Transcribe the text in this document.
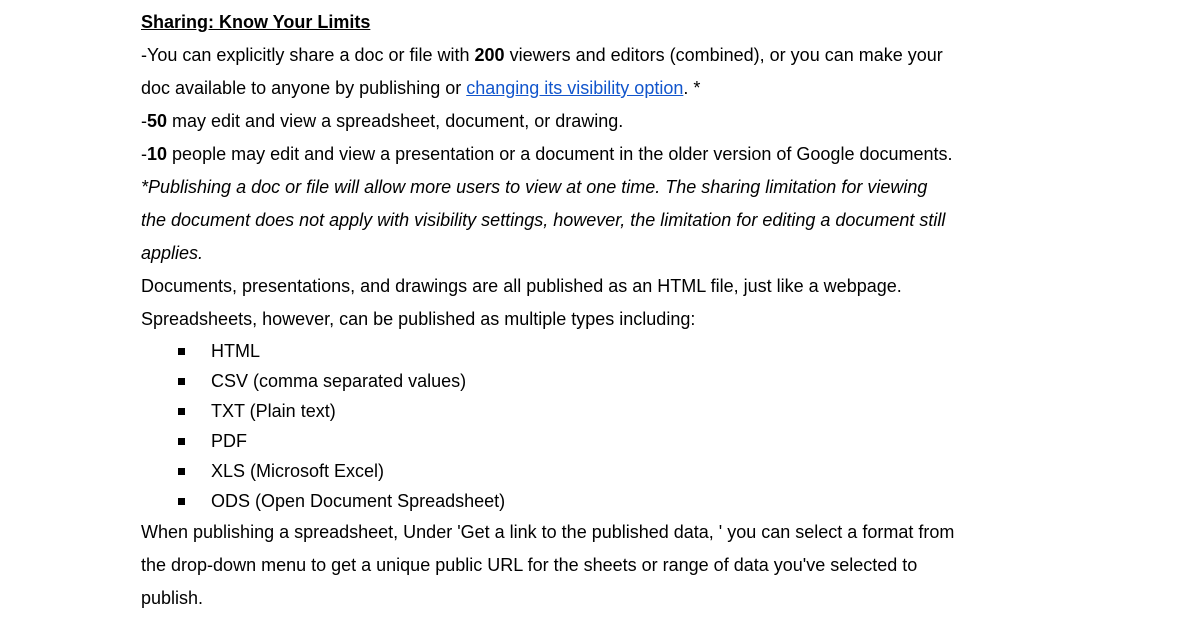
Sharing: Know Your Limits
-You can explicitly share a doc or file with 200 viewers and editors (combined), or you can make your
doc available to anyone by publishing or changing its visibility option. *
-50 may edit and view a spreadsheet, document, or drawing.
-10 people may edit and view a presentation or a document in the older version of Google documents.
*Publishing a doc or file will allow more users to view at one time. The sharing limitation for viewing
the document does not apply with visibility settings, however, the limitation for editing a document still
applies.
Documents, presentations, and drawings are all published as an HTML file, just like a webpage.
Spreadsheets, however, can be published as multiple types including:
HTML
CSV (comma separated values)
TXT (Plain text)
PDF
XLS (Microsoft Excel)
ODS (Open Document Spreadsheet)
When publishing a spreadsheet, Under 'Get a link to the published data, ' you can select a format from
the drop-down menu to get a unique public URL for the sheets or range of data you've selected to
publish.
